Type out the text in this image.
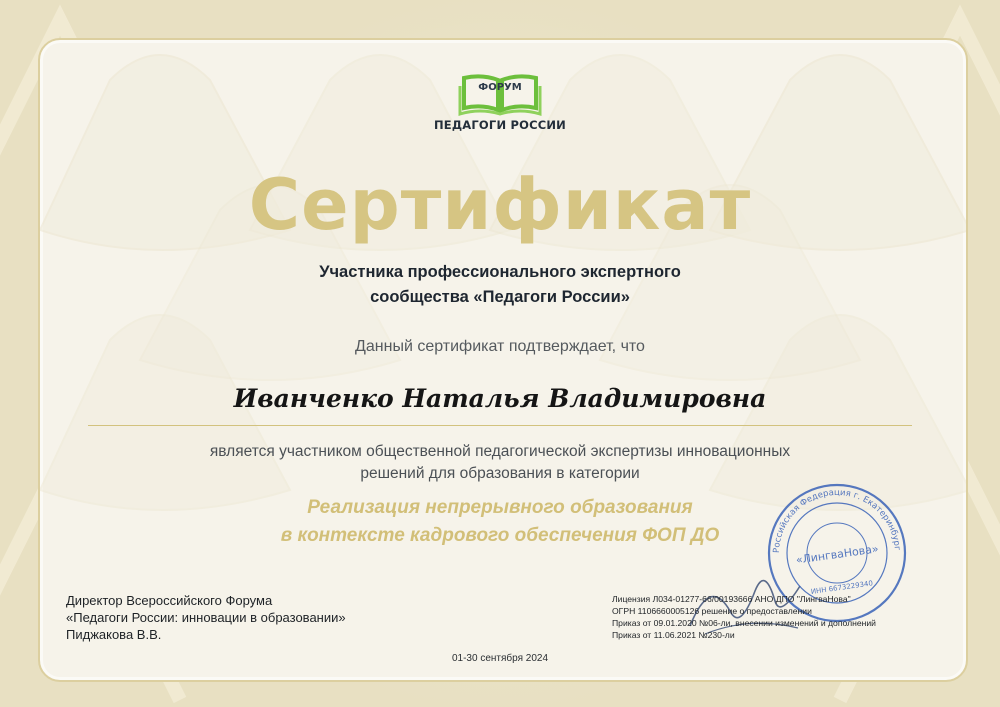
ФОРУМ
ПЕДАГОГИ РОССИИ
Сертификат
Участника профессионального экспертного
сообщества «Педагоги России»
Данный сертификат подтверждает, что
Иванченко Наталья Владимировна
является участником общественной педагогической экспертизы инновационных
решений для образования в категории
Реализация непрерывного образования
в контексте кадрового обеспечения ФОП ДО
Директор Всероссийского Форума
«Педагоги России: инновации в образовании»
Пиджакова В.В.
Российская Федерация г. Екатеринбург
«ЛингваНова»
ИНН 6673229340
Лицензия Л034-01277-66/00193666 АНО ДПО "ЛингваНова"
ОГРН 1106660005126 решение о предоставлении
Приказ от 09.01.2020 №06-ли, внесении изменений и дополнений
Приказ от 11.06.2021 №230-ли
01-30 сентября 2024
